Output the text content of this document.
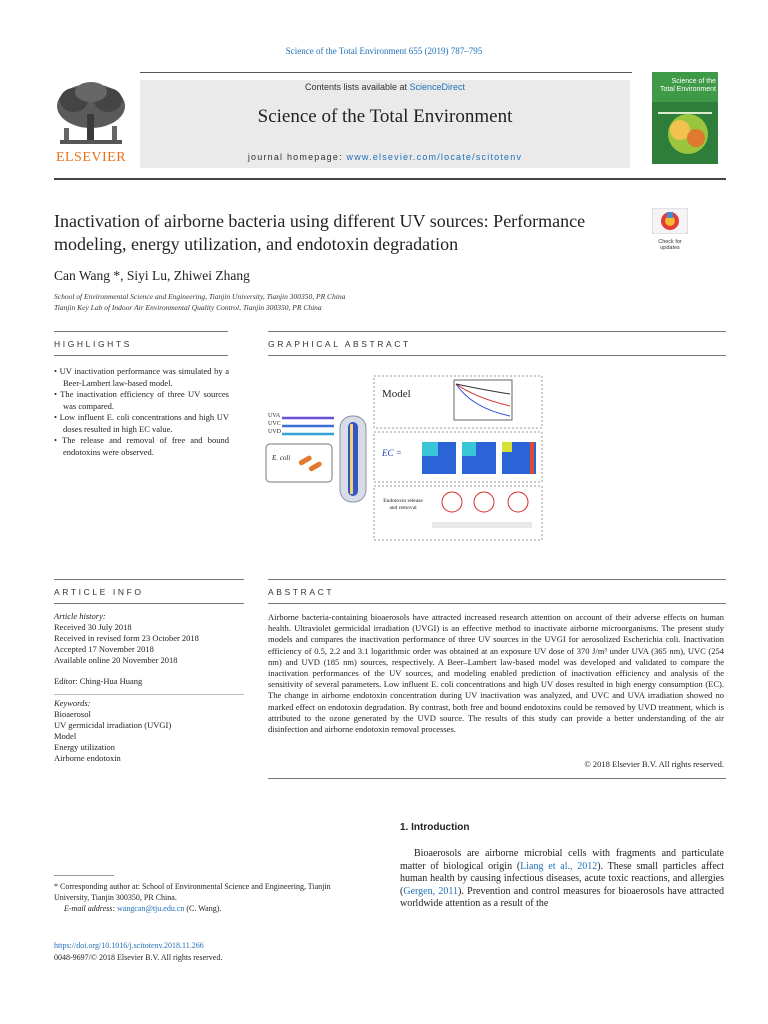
Science of the Total Environment 655 (2019) 787–795
ELSEVIER
Contents lists available at ScienceDirect
Science of the Total Environment
journal homepage: www.elsevier.com/locate/scitotenv
Science of the
Total Environment
Inactivation of airborne bacteria using different UV sources: Performance modeling, energy utilization, and endotoxin degradation	Check for
updates
Can Wang *, Siyi Lu, Zhiwei Zhang
School of Environmental Science and Engineering, Tianjin University, Tianjin 300350, PR China
Tianjin Key Lab of Indoor Air Environmental Quality Control, Tianjin 300350, PR China
HIGHLIGHTS	GRAPHICAL ABSTRACT
• UV inactivation performance was simulated by a Beer-Lambert law-based model.
• The inactivation efficiency of three UV sources was compared.
• Low influent E. coli concentrations and high UV doses resulted in high EC value.
• The release and removal of free and bound endotoxins were observed.
Model
UVA
UVC
UVD
E. coli	EC =
Endotoxin release
and removal
ARTICLE INFO	ABSTRACT
Article history:
Received 30 July 2018
Received in revised form 23 October 2018
Accepted 17 November 2018
Available online 20 November 2018
Editor: Ching-Hua Huang
Keywords:
Bioaerosol
UV germicidal irradiation (UVGI)
Model
Energy utilization
Airborne endotoxin
Airborne bacteria-containing bioaerosols have attracted increased research attention on account of their adverse effects on human health. Ultraviolet germicidal irradiation (UVGI) is an effective method to inactivate airborne microorganisms. The present study models and compares the inactivation performance of three UV sources in the UVGI for aerosolized Escherichia coli. Inactivation efficiency of 0.5, 2.2 and 3.1 logarithmic order was obtained at an exposure UV dose of 370 J/m³ under UVA (365 nm), UVC (254 nm) and UVD (185 nm) sources, respectively. A Beer–Lambert law-based model was developed and validated to compare the inactivation performances of the UV sources, and modeling enabled prediction of inactivation efficiency and analysis of the sensitivity of several parameters. Low influent E. coli concentrations and high UV doses resulted in high energy consumption (EC). The change in airborne endotoxin concentration during UV inactivation was analyzed, and UVC and UVA irradiation showed no marked effect on endotoxin degradation. By contrast, both free and bound endotoxins could be removed by UVD treatment, which is attributed to the ozone generated by the UVD source. The results of this study can provide a better understanding of the air disinfection and airborne endotoxin removal processes.
© 2018 Elsevier B.V. All rights reserved.
1. Introduction
Bioaerosols are airborne microbial cells with fragments and particulate matter of biological origin (Liang et al., 2012). These small particles affect human health by causing infectious diseases, acute toxic reactions, and allergies (Gergen, 2011). Prevention and control measures for bioaerosols have attracted worldwide attention as a result of the
* Corresponding author at: School of Environmental Science and Engineering, Tianjin University, Tianjin 300350, PR China.
E-mail address: wangcan@tju.edu.cn (C. Wang).
https://doi.org/10.1016/j.scitotenv.2018.11.266
0048-9697/© 2018 Elsevier B.V. All rights reserved.
